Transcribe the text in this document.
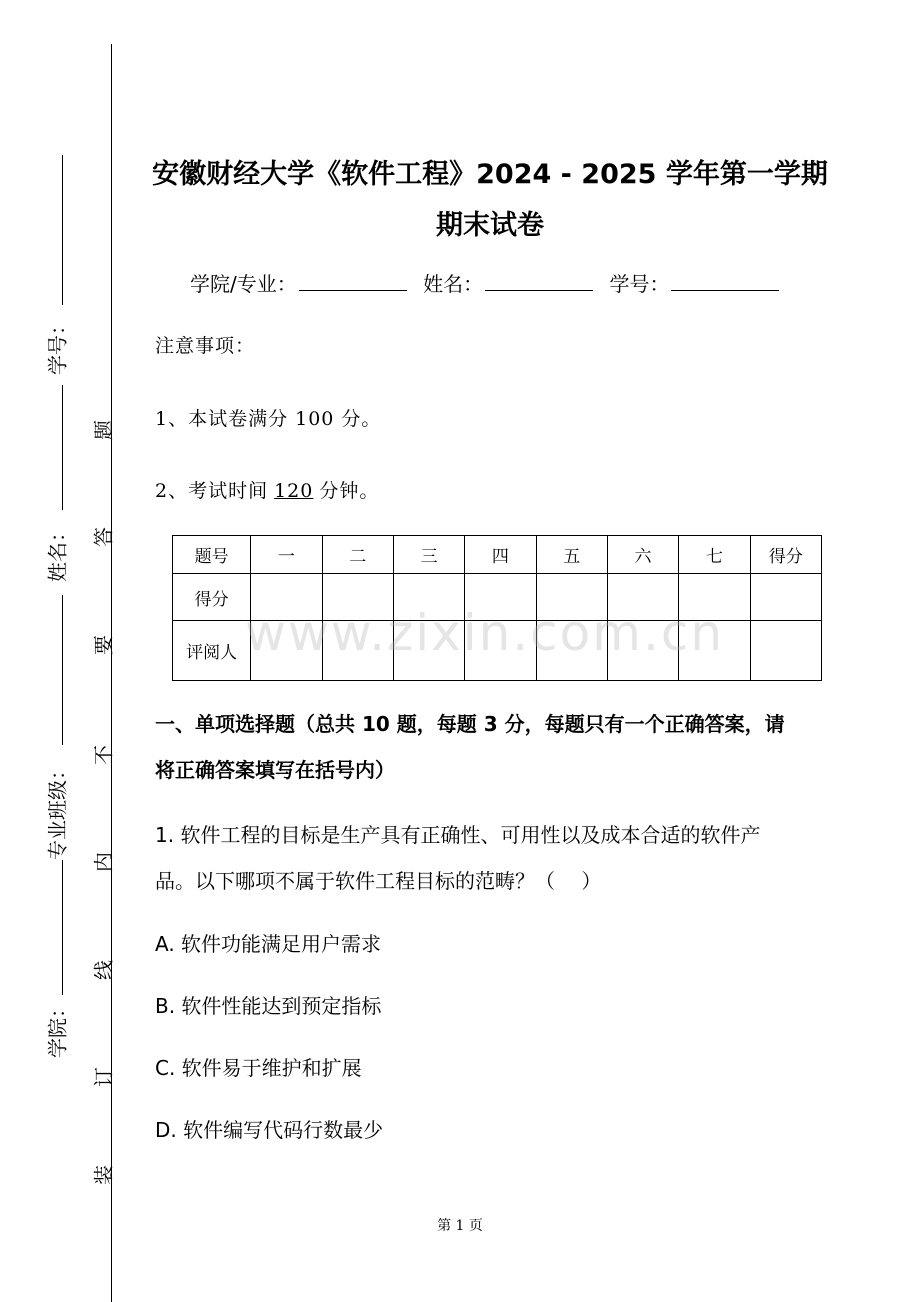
学号：
姓名：
专业班级：
学院：
题
答
要
不
内
线
订
装
安徽财经大学《软件工程》2024 - 2025 学年第一学期
期末试卷
学院/专业：	姓名：	学号：
注意事项：
1、本试卷满分 100 分。
2、考试时间 120 分钟。
题号	一	二	三	四	五	六	七	得分
得分								
评阅人								www.zixin.com.cn
一、单项选择题（总共 10 题，每题 3 分，每题只有一个正确答案，请
将正确答案填写在括号内）
1. 软件工程的目标是生产具有正确性、可用性以及成本合适的软件产
品。以下哪项不属于软件工程目标的范畴？（　 ）
A. 软件功能满足用户需求
B. 软件性能达到预定指标
C. 软件易于维护和扩展
D. 软件编写代码行数最少
第 1 页
